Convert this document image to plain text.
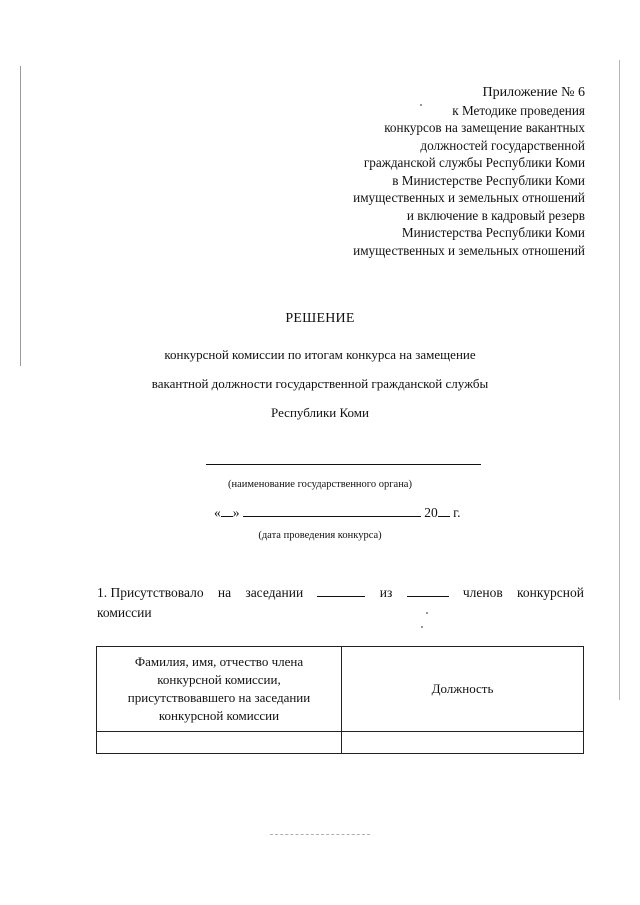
Приложение № 6
к Методике проведения
конкурсов на замещение вакантных
должностей государственной
гражданской службы Республики Коми
в Министерстве Республики Коми
имущественных и земельных отношений
и включение в кадровый резерв
Министерства Республики Коми
имущественных и земельных отношений
РЕШЕНИЕ
конкурсной комиссии по итогам конкурса на замещение
вакантной должности государственной гражданской службы
Республики Коми
(наименование государственного органа)
« »	20 г.
(дата проведения конкурса)
1. Присутствовало на заседании	из	членов конкурсной
комиссии
Фамилия, имя, отчество члена конкурсной комиссии, присутствовавшего на заседании конкурсной комиссии	Должность
